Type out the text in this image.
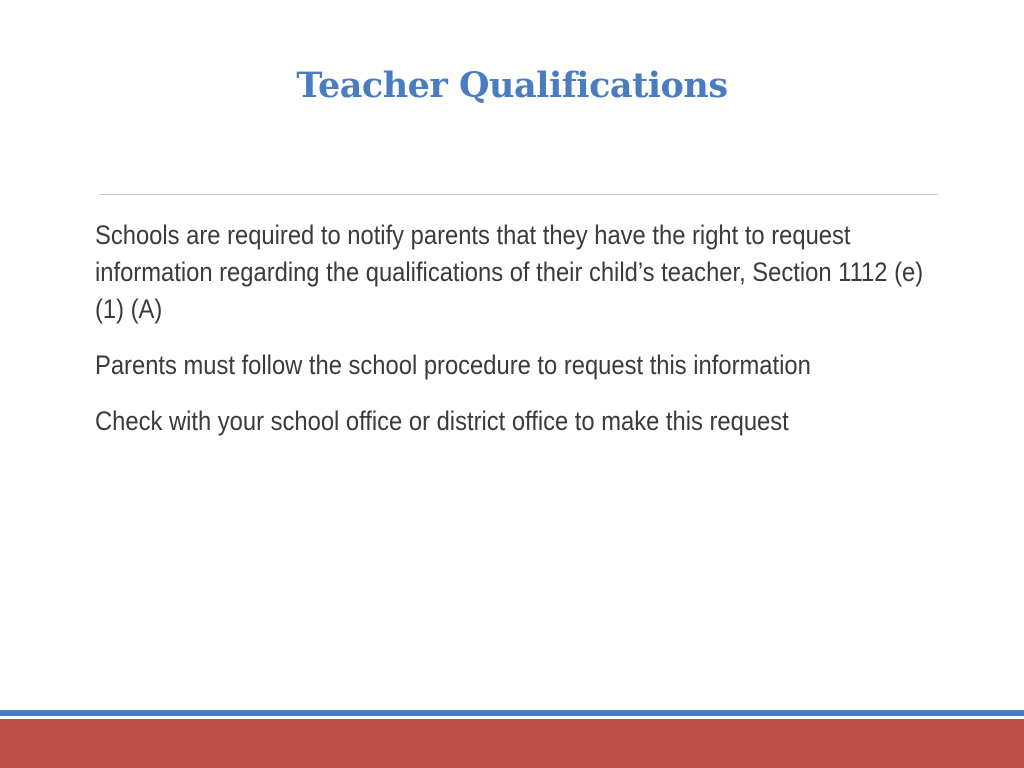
Teacher Qualifications

Schools are required to notify parents that they have the right to request information regarding the qualifications of their child’s teacher, Section 1112 (e) (1) (A)

Parents must follow the school procedure to request this information

Check with your school office or district office to make this request
